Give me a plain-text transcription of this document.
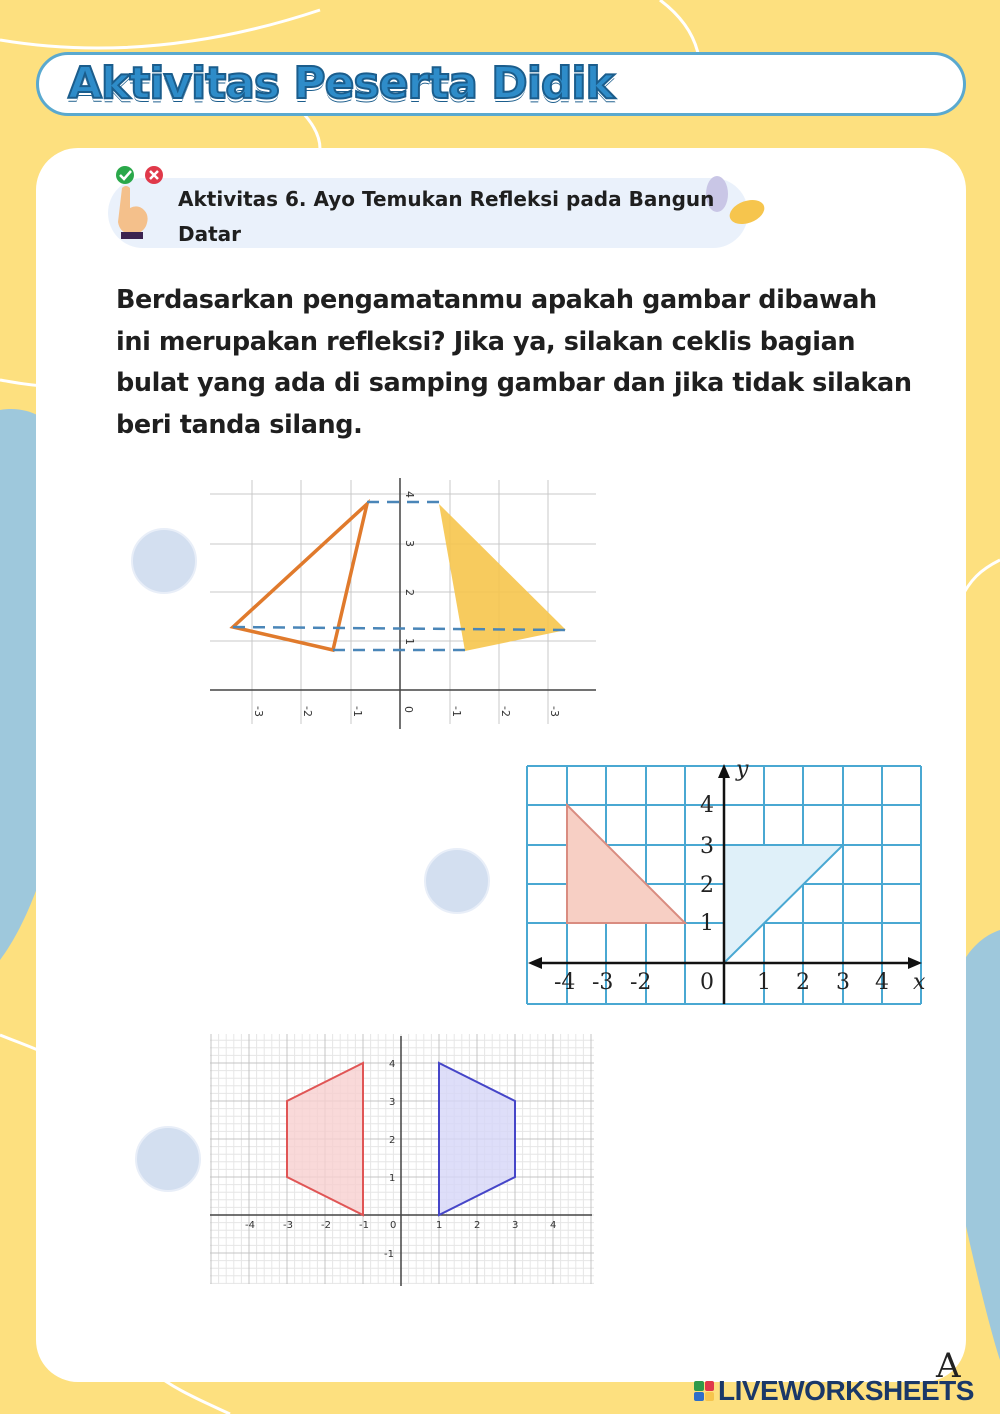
Aktivitas Peserta Didik
Aktivitas 6. Ayo Temukan Refleksi pada Bangun Datar
Berdasarkan pengamatanmu apakah gambar dibawah ini merupakan refleksi? Jika ya, silakan ceklis bagian bulat yang ada di samping gambar dan jika tidak silakan beri tanda silang.
-3	-2	-1	0	-1	-2	-3
1
2
3
4
y
x
-4 -3 -2 0 1 2 3 4
1
2
3
4
-4	-3	-2	-1 0	1	2	3	4
4
3
2
1
-1
LIVEWORKSHEETS
A
